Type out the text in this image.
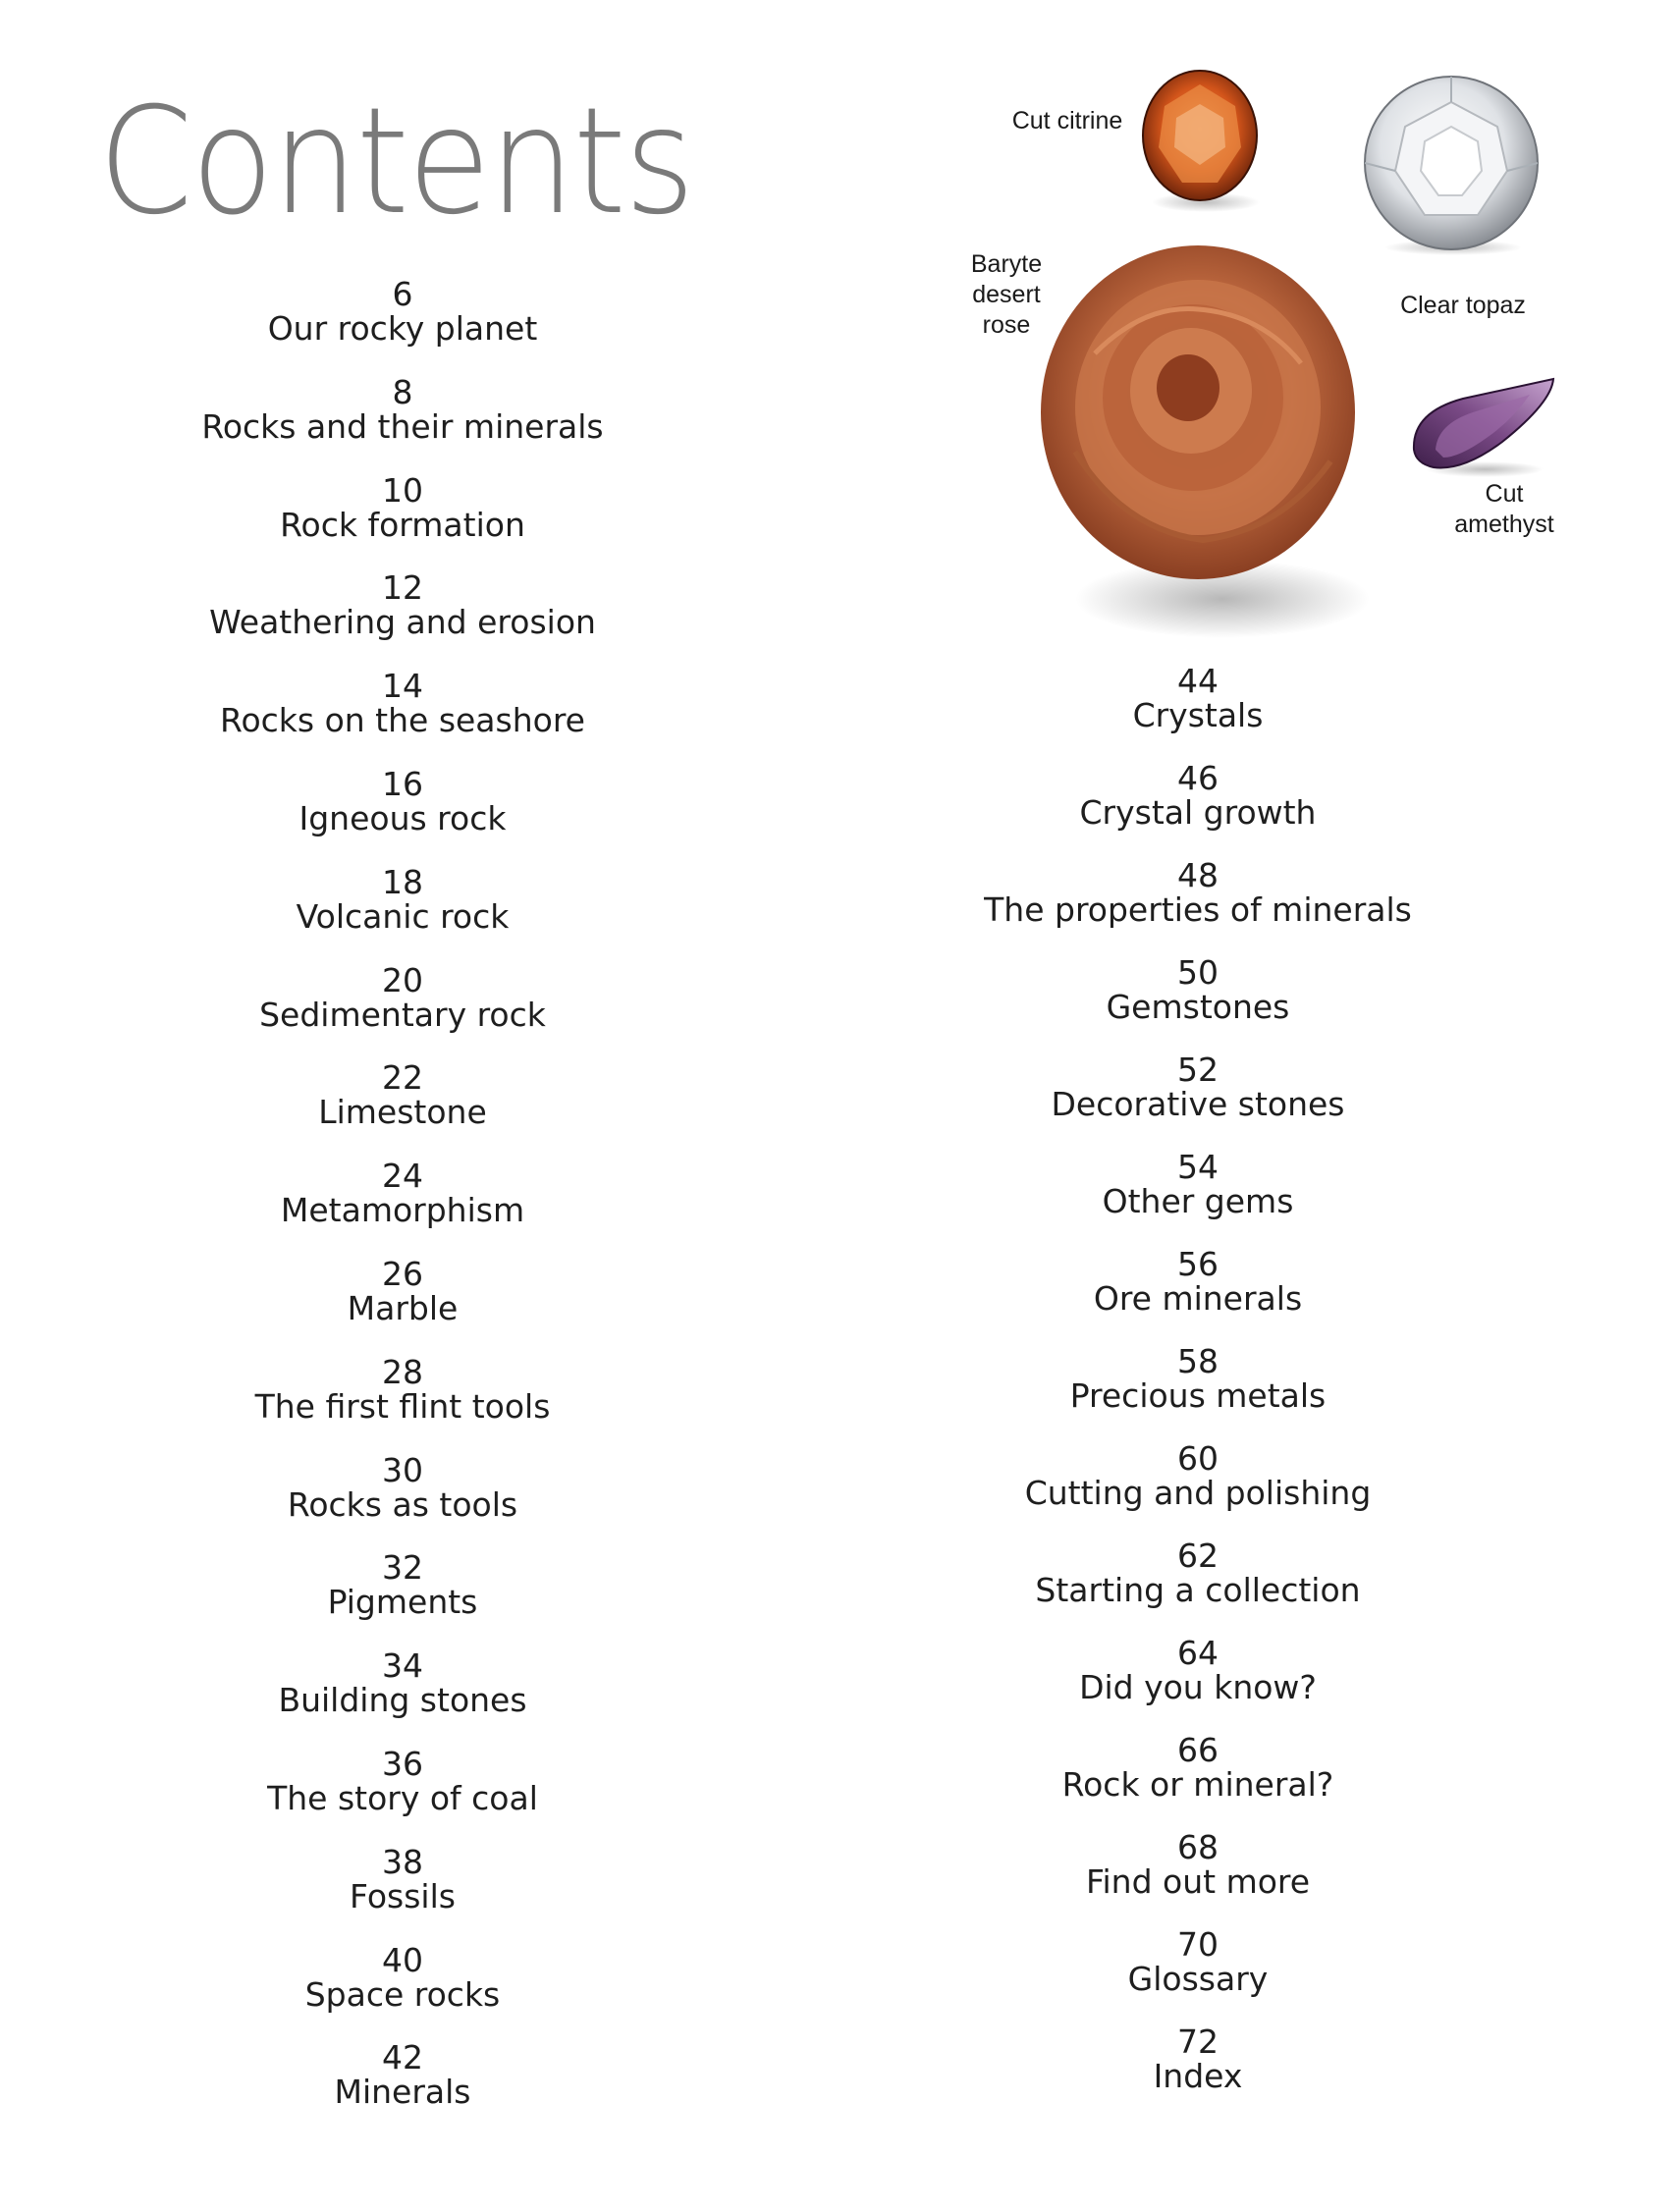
Contents
6
Our rocky planet
8
Rocks and their minerals
10
Rock formation
12
Weathering and erosion
14
Rocks on the seashore
16
Igneous rock
18
Volcanic rock
20
Sedimentary rock
22
Limestone
24
Metamorphism
26
Marble
28
The first flint tools
30
Rocks as tools
32
Pigments
34
Building stones
36
The story of coal
38
Fossils
40
Space rocks
42
Minerals
44
Crystals
46
Crystal growth
48
The properties of minerals
50
Gemstones
52
Decorative stones
54
Other gems
56
Ore minerals
58
Precious metals
60
Cutting and polishing
62
Starting a collection
64
Did you know?
66
Rock or mineral?
68
Find out more
70
Glossary
72
Index
Cut citrine
Clear topaz
Baryte desert rose
Cut amethyst
